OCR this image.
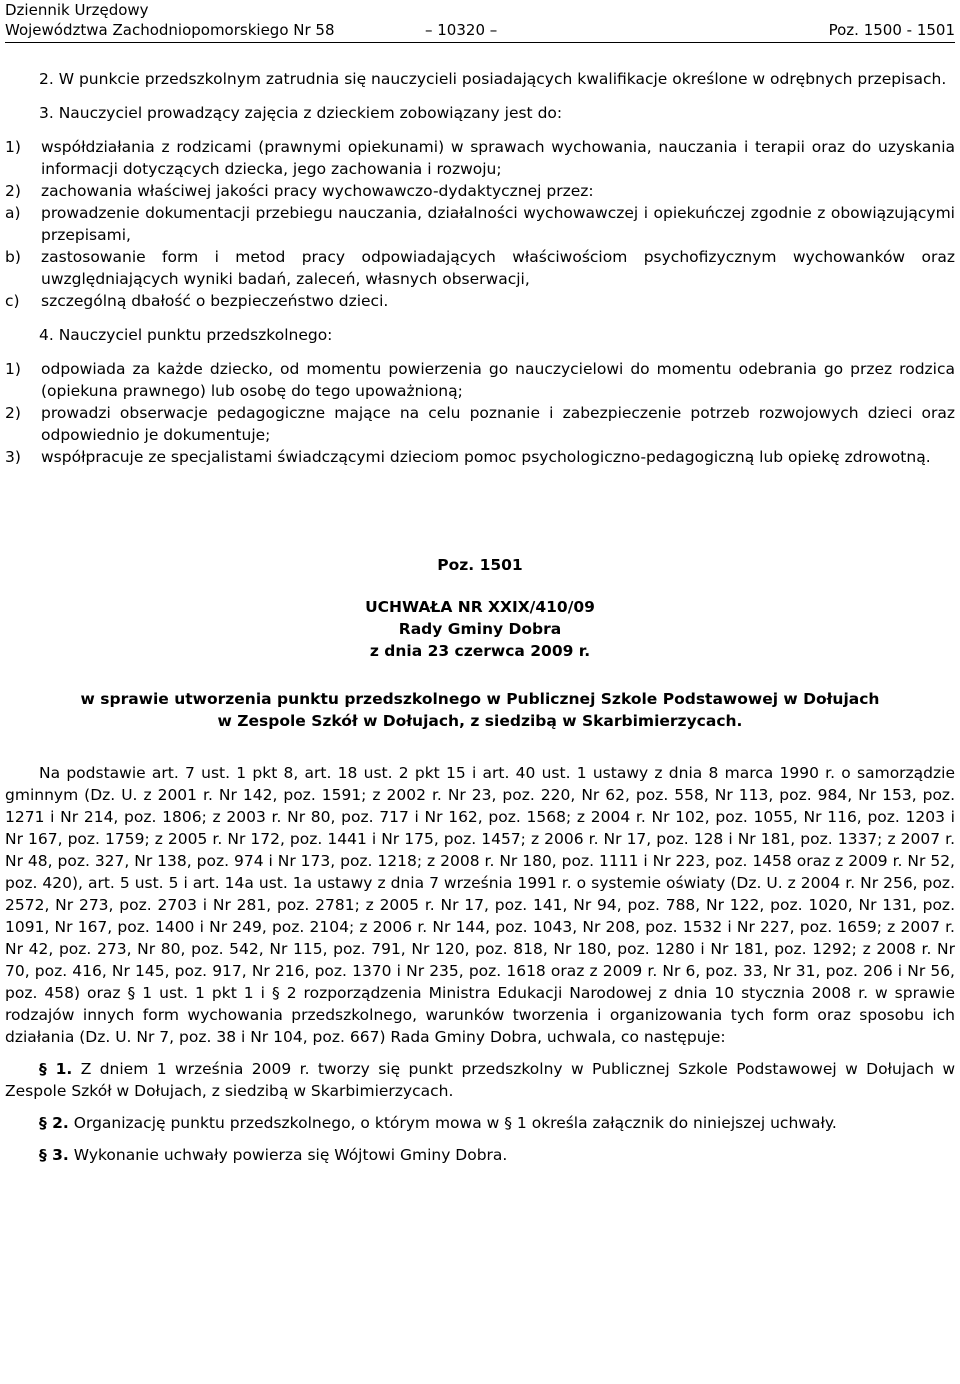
Dziennik Urzędowy
Województwa Zachodniopomorskiego Nr 58	– 10320 –	Poz. 1500 - 1501

2. W punkcie przedszkolnym zatrudnia się nauczycieli posiadających kwalifikacje określone w odrębnych przepisach.

3. Nauczyciel prowadzący zajęcia z dzieckiem zobowiązany jest do:

1)	współdziałania z rodzicami (prawnymi opiekunami) w sprawach wychowania, nauczania i terapii oraz do uzyskania informacji dotyczących dziecka, jego zachowania i rozwoju;
2)	zachowania właściwej jakości pracy wychowawczo-dydaktycznej przez:
a)	prowadzenie dokumentacji przebiegu nauczania, działalności wychowawczej i opiekuńczej zgodnie z obowiązującymi przepisami,
b)	zastosowanie form i metod pracy odpowiadających właściwościom psychofizycznym wychowanków oraz uwzględniających wyniki badań, zaleceń, własnych obserwacji,
c)	szczególną dbałość o bezpieczeństwo dzieci.

4. Nauczyciel punktu przedszkolnego:

1)	odpowiada za każde dziecko, od momentu powierzenia go nauczycielowi do momentu odebrania go przez rodzica (opiekuna prawnego) lub osobę do tego upoważnioną;
2)	prowadzi obserwacje pedagogiczne mające na celu poznanie i zabezpieczenie potrzeb rozwojowych dzieci oraz odpowiednio je dokumentuje;
3)	współpracuje ze specjalistami świadczącymi dzieciom pomoc psychologiczno-pedagogiczną lub opiekę zdrowotną.

Poz. 1501

UCHWAŁA NR XXIX/410/09

Rady Gminy Dobra

z dnia 23 czerwca 2009 r.

w sprawie utworzenia punktu przedszkolnego w Publicznej Szkole Podstawowej w Dołujach

w Zespole Szkół w Dołujach, z siedzibą w Skarbimierzycach.

Na podstawie art. 7 ust. 1 pkt 8, art. 18 ust. 2 pkt 15 i art. 40 ust. 1 ustawy z dnia 8 marca 1990 r. o samorządzie gminnym (Dz. U. z 2001 r. Nr 142, poz. 1591; z 2002 r. Nr 23, poz. 220, Nr 62, poz. 558, Nr 113, poz. 984, Nr 153, poz. 1271 i Nr 214, poz. 1806; z 2003 r. Nr 80, poz. 717 i Nr 162, poz. 1568; z 2004 r. Nr 102, poz. 1055, Nr 116, poz. 1203 i Nr 167, poz. 1759; z 2005 r. Nr 172, poz. 1441 i Nr 175, poz. 1457; z 2006 r. Nr 17, poz. 128 i Nr 181, poz. 1337; z 2007 r. Nr 48, poz. 327, Nr 138, poz. 974 i Nr 173, poz. 1218; z 2008 r. Nr 180, poz. 1111 i Nr 223, poz. 1458 oraz z 2009 r. Nr 52, poz. 420), art. 5 ust. 5 i art. 14a ust. 1a ustawy z dnia 7 września 1991 r. o systemie oświaty (Dz. U. z 2004 r. Nr 256, poz. 2572, Nr 273, poz. 2703 i Nr 281, poz. 2781; z 2005 r. Nr 17, poz. 141, Nr 94, poz. 788, Nr 122, poz. 1020, Nr 131, poz. 1091, Nr 167, poz. 1400 i Nr 249, poz. 2104; z 2006 r. Nr 144, poz. 1043, Nr 208, poz. 1532 i Nr 227, poz. 1659; z 2007 r. Nr 42, poz. 273, Nr 80, poz. 542, Nr 115, poz. 791, Nr 120, poz. 818, Nr 180, poz. 1280 i Nr 181, poz. 1292; z 2008 r. Nr 70, poz. 416, Nr 145, poz. 917, Nr 216, poz. 1370 i Nr 235, poz. 1618 oraz z 2009 r. Nr 6, poz. 33, Nr 31, poz. 206 i Nr 56, poz. 458) oraz § 1 ust. 1 pkt 1 i § 2 rozporządzenia Ministra Edukacji Narodowej z dnia 10 stycznia 2008 r. w sprawie rodzajów innych form wychowania przedszkolnego, warunków tworzenia i organizowania tych form oraz sposobu ich działania (Dz. U. Nr 7, poz. 38 i Nr 104, poz. 667) Rada Gminy Dobra, uchwala, co następuje:

§ 1. Z dniem 1 września 2009 r. tworzy się punkt przedszkolny w Publicznej Szkole Podstawowej w Dołujach w Zespole Szkół w Dołujach, z siedzibą w Skarbimierzycach.

§ 2. Organizację punktu przedszkolnego, o którym mowa w § 1 określa załącznik do niniejszej uchwały.

§ 3. Wykonanie uchwały powierza się Wójtowi Gminy Dobra.
